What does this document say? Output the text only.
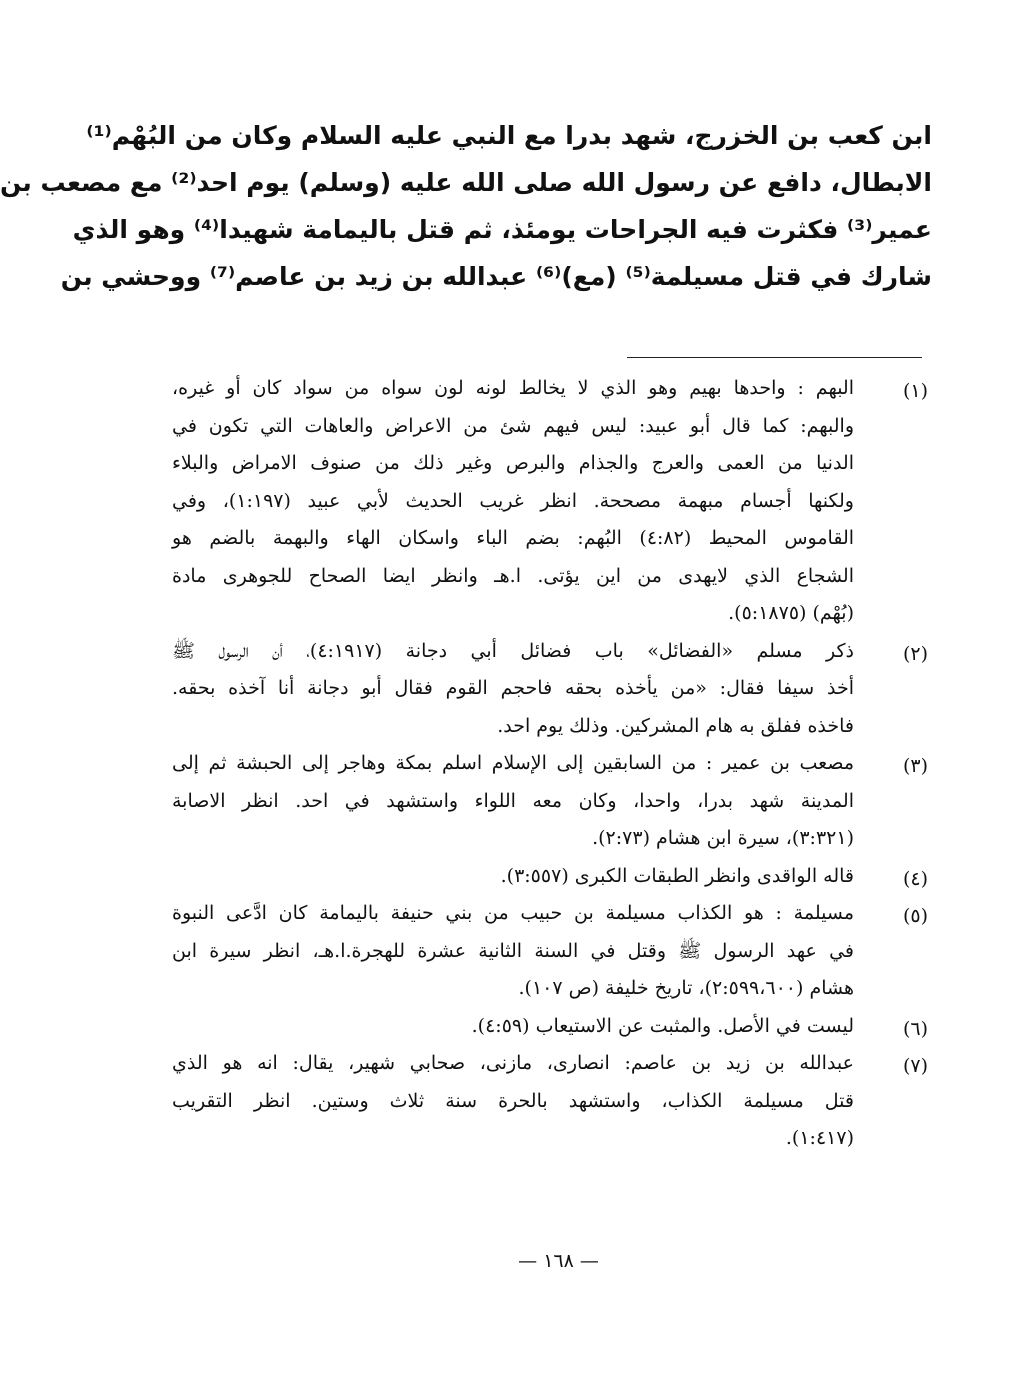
ابن كعب بن الخزرج، شهد بدرا مع النبي عليه السلام وكان من البُهْم⁽¹⁾
الابطال، دافع عن رسول الله صلى الله عليه (وسلم) يوم احد⁽²⁾ مع مصعب بن
عمير⁽³⁾ فكثرت فيه الجراحات يومئذ، ثم قتل باليمامة شهيدا⁽⁴⁾ وهو الذي
شارك في قتل مسيلمة⁽⁵⁾ (مع)⁽⁶⁾ عبدالله بن زيد بن عاصم⁽⁷⁾ ووحشي بن
(١)
البهم : واحدها بهيم وهو الذي لا يخالط لونه لون سواه من سواد كان أو غيره،
والبهم: كما قال أبو عبيد: ليس فيهم شئ من الاعراض والعاهات التي تكون في
الدنيا من العمى والعرج والجذام والبرص وغير ذلك من صنوف الامراض والبلاء
ولكنها أجسام مبهمة مصححة. انظر غريب الحديث لأبي عبيد (١:١٩٧)، وفي
القاموس المحيط (٤:٨٢) البُهم: بضم الباء واسكان الهاء والبهمة بالضم هو
الشجاع الذي لايهدى من اين يؤتى. ا.هـ وانظر ايضا الصحاح للجوهرى مادة
(بُهْم) (٥:١٨٧٥).
(٢)
ذكر مسلم «الفضائل» باب فضائل أبي دجانة (٤:١٩١٧)، أن الرسول ﷺ
أخذ سيفا فقال: «من يأخذه بحقه فاحجم القوم فقال أبو دجانة أنا آخذه بحقه.
فاخذه ففلق به هام المشركين. وذلك يوم احد.
(٣)
مصعب بن عمير : من السابقين إلى الإسلام اسلم بمكة وهاجر إلى الحبشة ثم إلى
المدينة شهد بدرا، واحدا، وكان معه اللواء واستشهد في احد. انظر الاصابة
(٣:٣٢١)، سيرة ابن هشام (٢:٧٣).
(٤)
قاله الواقدى وانظر الطبقات الكبرى (٣:٥٥٧).
(٥)
مسيلمة : هو الكذاب مسيلمة بن حبيب من بني حنيفة باليمامة كان ادَّعى النبوة
في عهد الرسول ﷺ وقتل في السنة الثانية عشرة للهجرة.ا.هـ، انظر سيرة ابن
هشام (٢:٥٩٩،٦٠٠)، تاريخ خليفة (ص ١٠٧).
(٦)
ليست في الأصل. والمثبت عن الاستيعاب (٤:٥٩).
(٧)
عبدالله بن زيد بن عاصم: انصارى، مازنى، صحابي شهير، يقال: انه هو الذي
قتل مسيلمة الكذاب، واستشهد بالحرة سنة ثلاث وستين. انظر التقريب
(١:٤١٧).
— ١٦٨ —
